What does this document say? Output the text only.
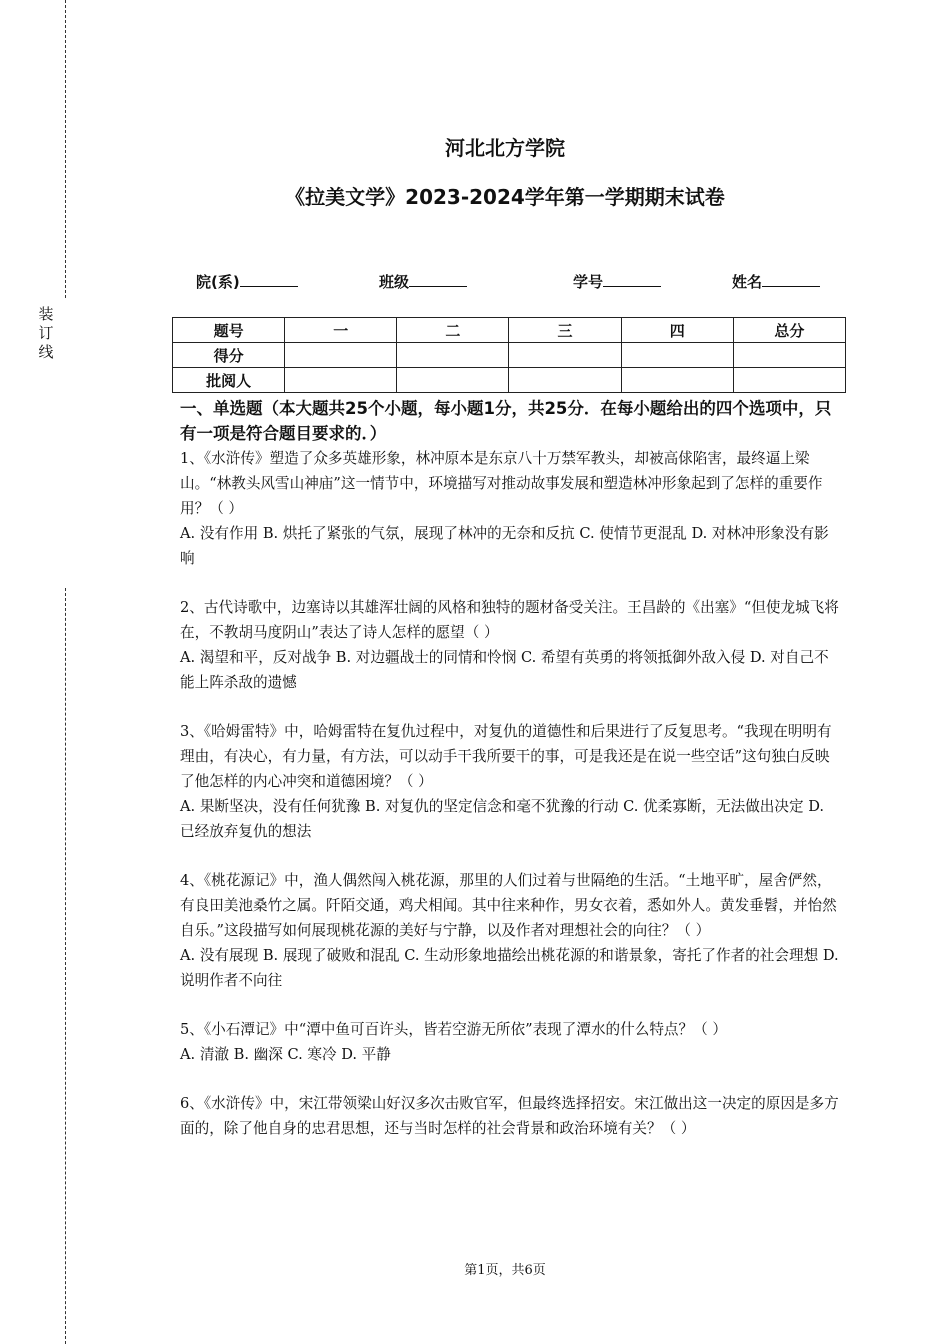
装订线
河北北方学院
《拉美文学》2023-2024学年第一学期期末试卷
院(系)	班级	学号	姓名
题号	一	二	三	四	总分
得分					
批阅人					
一、单选题（本大题共25个小题，每小题1分，共25分．在每小题给出的四个选项中，只有一项是符合题目要求的．）

1、《水浒传》塑造了众多英雄形象，林冲原本是东京八十万禁军教头，却被高俅陷害，最终逼上梁山。“林教头风雪山神庙”这一情节中，环境描写对推动故事发展和塑造林冲形象起到了怎样的重要作用？（ ）

A. 没有作用 B. 烘托了紧张的气氛，展现了林冲的无奈和反抗 C. 使情节更混乱 D. 对林冲形象没有影响

2、古代诗歌中，边塞诗以其雄浑壮阔的风格和独特的题材备受关注。王昌龄的《出塞》“但使龙城飞将在，不教胡马度阴山”表达了诗人怎样的愿望（ ）

A. 渴望和平，反对战争 B. 对边疆战士的同情和怜悯 C. 希望有英勇的将领抵御外敌入侵 D. 对自己不能上阵杀敌的遗憾

3、《哈姆雷特》中，哈姆雷特在复仇过程中，对复仇的道德性和后果进行了反复思考。“我现在明明有理由，有决心，有力量，有方法，可以动手干我所要干的事，可是我还是在说一些空话”这句独白反映了他怎样的内心冲突和道德困境？（ ）

A. 果断坚决，没有任何犹豫 B. 对复仇的坚定信念和毫不犹豫的行动 C. 优柔寡断，无法做出决定 D. 已经放弃复仇的想法

4、《桃花源记》中，渔人偶然闯入桃花源，那里的人们过着与世隔绝的生活。“土地平旷，屋舍俨然，有良田美池桑竹之属。阡陌交通，鸡犬相闻。其中往来种作，男女衣着，悉如外人。黄发垂髫，并怡然自乐。”这段描写如何展现桃花源的美好与宁静，以及作者对理想社会的向往？（ ）

A. 没有展现 B. 展现了破败和混乱 C. 生动形象地描绘出桃花源的和谐景象，寄托了作者的社会理想 D. 说明作者不向往

5、《小石潭记》中“潭中鱼可百许头，皆若空游无所依”表现了潭水的什么特点？（ ）

A. 清澈 B. 幽深 C. 寒冷 D. 平静

6、《水浒传》中，宋江带领梁山好汉多次击败官军，但最终选择招安。宋江做出这一决定的原因是多方面的，除了他自身的忠君思想，还与当时怎样的社会背景和政治环境有关？（ ）

第1页，共6页
